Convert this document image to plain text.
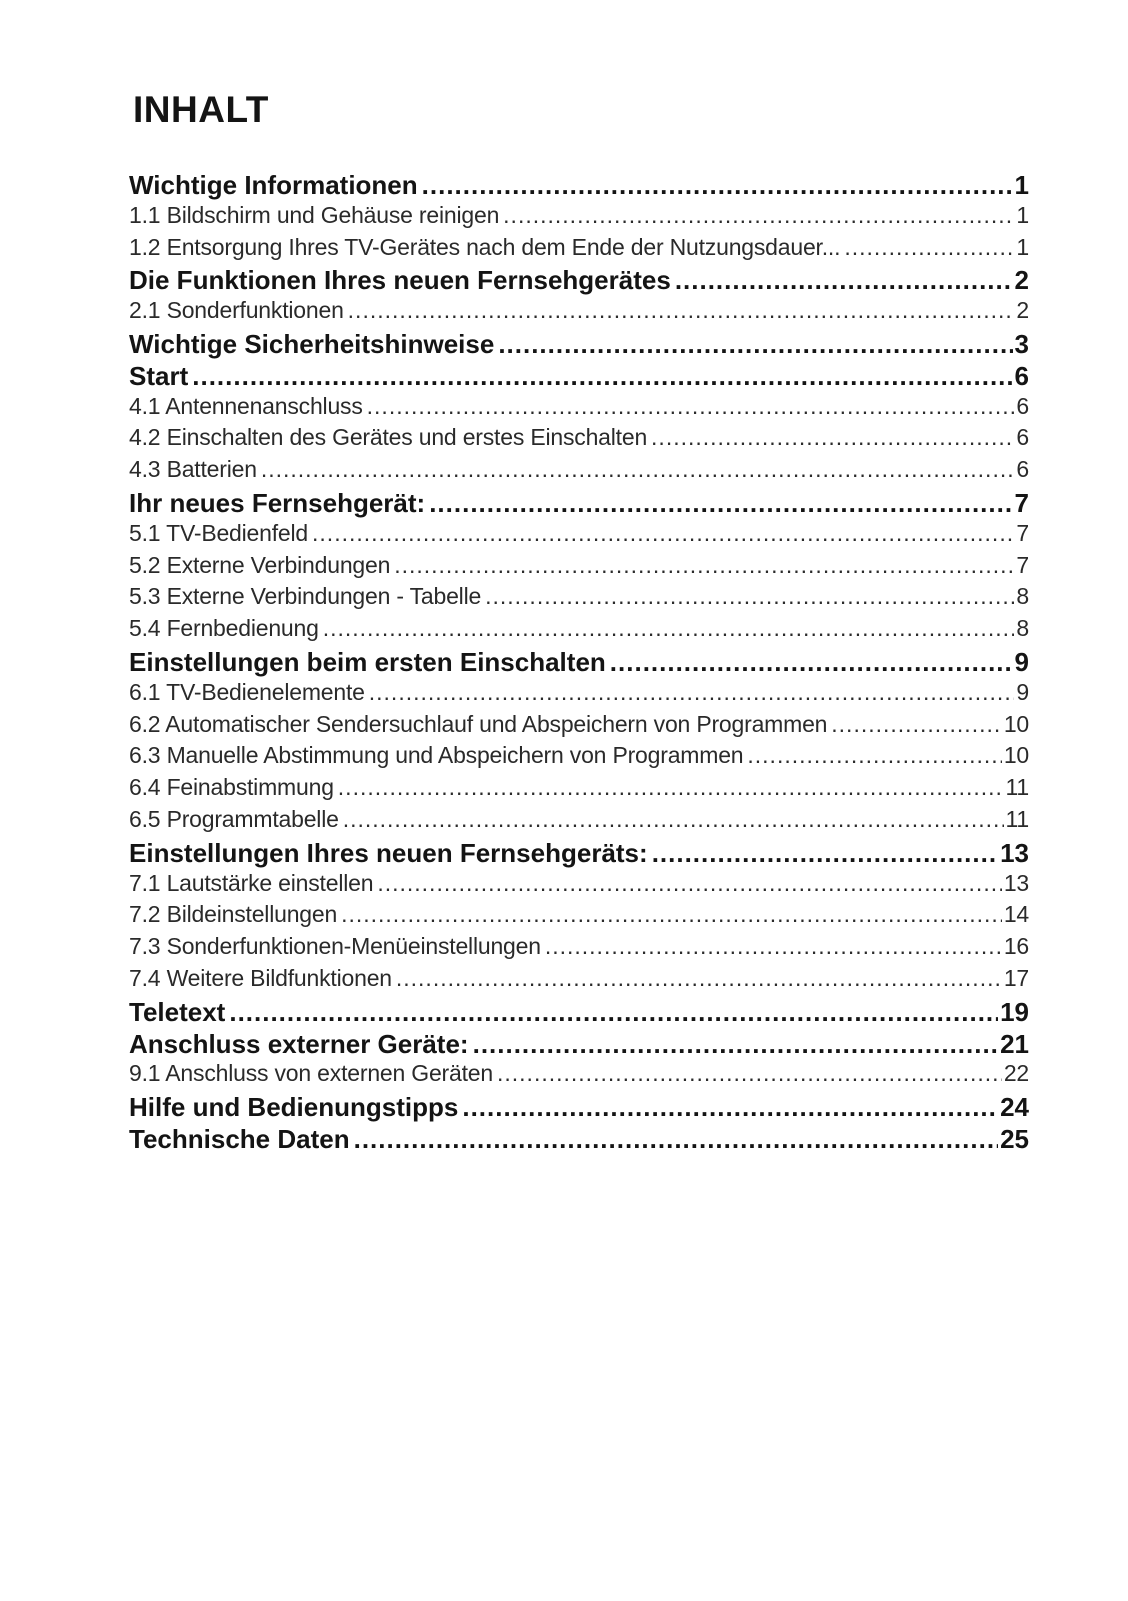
INHALT
Wichtige Informationen .....	1
1.1 Bildschirm und Gehäuse reinigen .....	1
1.2 Entsorgung Ihres TV-Gerätes nach dem Ende der Nutzungsdauer... .....	1
Die Funktionen Ihres neuen Fernsehgerätes .....	2
2.1 Sonderfunktionen .....	2
Wichtige Sicherheitshinweise .....	3
Start .....	6
4.1 Antennenanschluss .....	6
4.2 Einschalten des Gerätes und erstes Einschalten .....	6
4.3 Batterien .....	6
Ihr neues Fernsehgerät: .....	7
5.1 TV-Bedienfeld .....	7
5.2 Externe Verbindungen .....	7
5.3 Externe Verbindungen - Tabelle .....	8
5.4 Fernbedienung .....	8
Einstellungen beim ersten Einschalten .....	9
6.1 TV-Bedienelemente .....	9
6.2 Automatischer Sendersuchlauf und Abspeichern von Programmen .....	10
6.3 Manuelle Abstimmung und Abspeichern von Programmen .....	10
6.4 Feinabstimmung .....	11
6.5 Programmtabelle .....	11
Einstellungen Ihres neuen Fernsehgeräts: .....	13
7.1 Lautstärke einstellen .....	13
7.2 Bildeinstellungen .....	14
7.3 Sonderfunktionen-Menüeinstellungen .....	16
7.4 Weitere Bildfunktionen .....	17
Teletext .....	19
Anschluss externer Geräte: .....	21
9.1 Anschluss von externen Geräten .....	22
Hilfe und Bedienungstipps .....	24
Technische Daten .....	25
